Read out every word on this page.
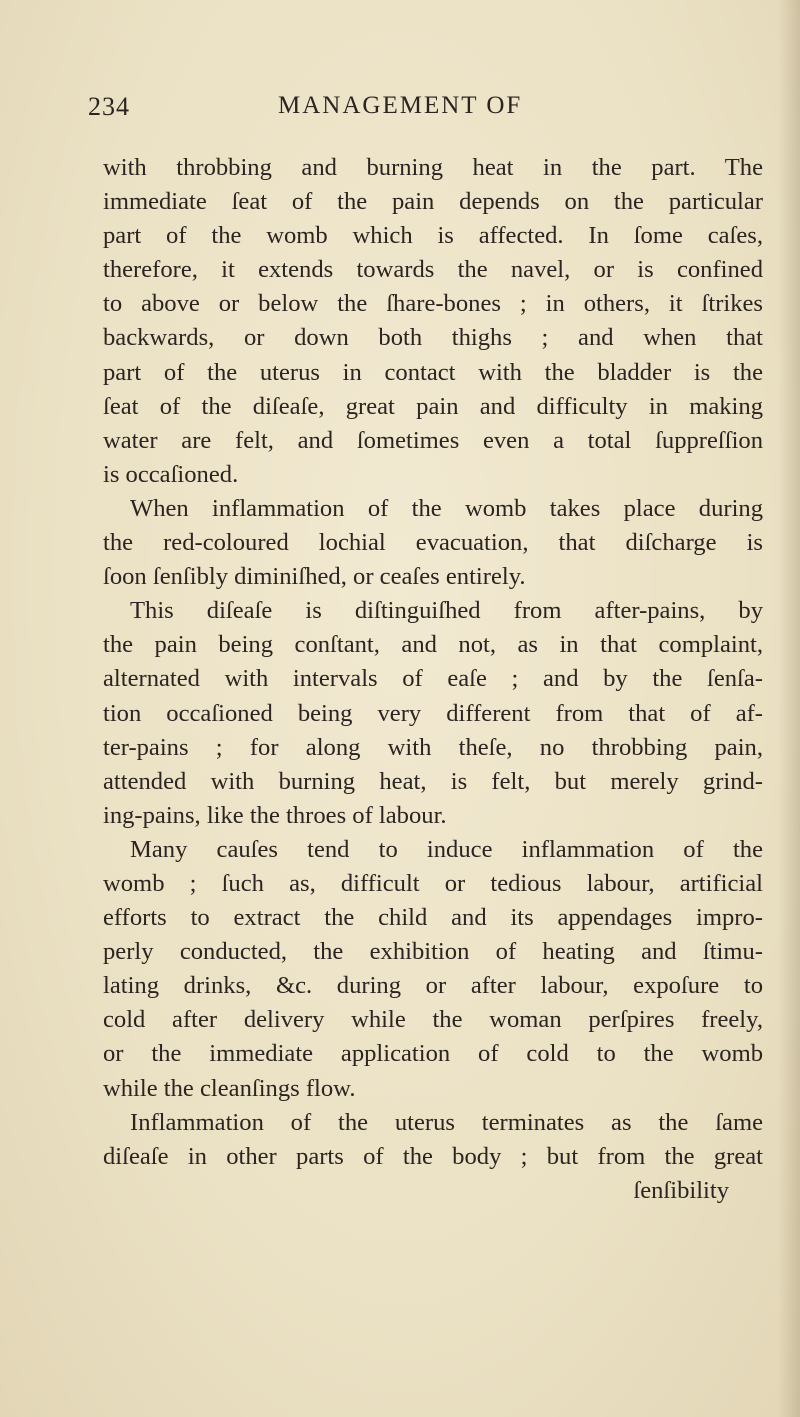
234	MANAGEMENT OF
with throbbing and burning heat in the part. The
immediate ſeat of the pain depends on the particular
part of the womb which is affected. In ſome caſes,
therefore, it extends towards the navel, or is confined
to above or below the ſhare-bones ; in others, it ſtrikes
backwards, or down both thighs ; and when that
part of the uterus in contact with the bladder is the
ſeat of the diſeaſe, great pain and difficulty in making
water are felt, and ſometimes even a total ſuppreſſion
is occaſioned.
When inflammation of the womb takes place during
the red-coloured lochial evacuation, that diſcharge is
ſoon ſenſibly diminiſhed, or ceaſes entirely.
This diſeaſe is diſtinguiſhed from after-pains, by
the pain being conſtant, and not, as in that complaint,
alternated with intervals of eaſe ; and by the ſenſa-
tion occaſioned being very different from that of af-
ter-pains ; for along with theſe, no throbbing pain,
attended with burning heat, is felt, but merely grind-
ing-pains, like the throes of labour.
Many cauſes tend to induce inflammation of the
womb ; ſuch as, difficult or tedious labour, artificial
efforts to extract the child and its appendages impro-
perly conducted, the exhibition of heating and ſtimu-
lating drinks, &c. during or after labour, expoſure to
cold after delivery while the woman perſpires freely,
or the immediate application of cold to the womb
while the cleanſings flow.
Inflammation of the uterus terminates as the ſame
diſeaſe in other parts of the body ; but from the great
ſenſibility
